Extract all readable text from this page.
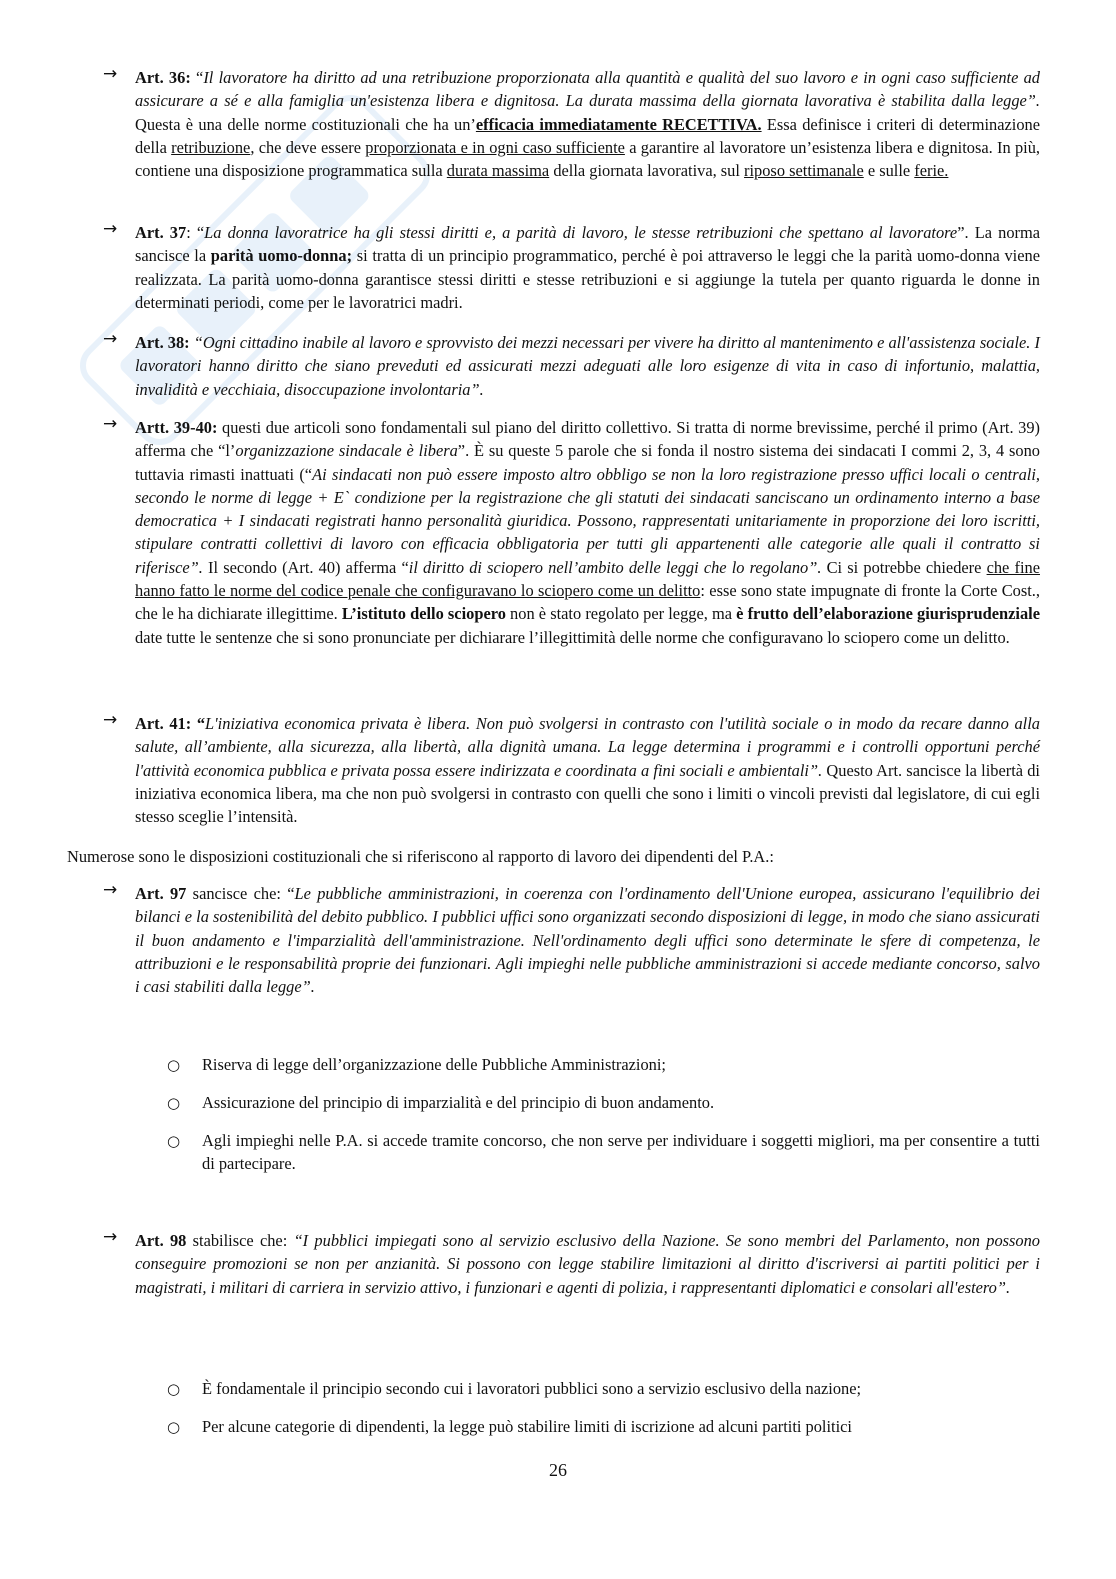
→ Art. 36: “Il lavoratore ha diritto ad una retribuzione proporzionata alla quantità e qualità del suo lavoro e in ogni caso sufficiente ad assicurare a sé e alla famiglia un'esistenza libera e dignitosa. La durata massima della giornata lavorativa è stabilita dalla legge”. Questa è una delle norme costituzionali che ha un’efficacia immediatamente RECETTIVA. Essa definisce i criteri di determinazione della retribuzione, che deve essere proporzionata e in ogni caso sufficiente a garantire al lavoratore un’esistenza libera e dignitosa. In più, contiene una disposizione programmatica sulla durata massima della giornata lavorativa, sul riposo settimanale e sulle ferie.
→ Art. 37: “La donna lavoratrice ha gli stessi diritti e, a parità di lavoro, le stesse retribuzioni che spettano al lavoratore”. La norma sancisce la parità uomo-donna; si tratta di un principio programmatico, perché è poi attraverso le leggi che la parità uomo-donna viene realizzata. La parità uomo-donna garantisce stessi diritti e stesse retribuzioni e si aggiunge la tutela per quanto riguarda le donne in determinati periodi, come per le lavoratrici madri.
→ Art. 38: “Ogni cittadino inabile al lavoro e sprovvisto dei mezzi necessari per vivere ha diritto al mantenimento e all'assistenza sociale. I lavoratori hanno diritto che siano preveduti ed assicurati mezzi adeguati alle loro esigenze di vita in caso di infortunio, malattia, invalidità e vecchiaia, disoccupazione involontaria”.
→ Artt. 39-40: questi due articoli sono fondamentali sul piano del diritto collettivo. Si tratta di norme brevissime, perché il primo (Art. 39) afferma che “l’organizzazione sindacale è libera”. È su queste 5 parole che si fonda il nostro sistema dei sindacati I commi 2, 3, 4 sono tuttavia rimasti inattuati (“Ai sindacati non può essere imposto altro obbligo se non la loro registrazione presso uffici locali o centrali, secondo le norme di legge + E` condizione per la registrazione che gli statuti dei sindacati sanciscano un ordinamento interno a base democratica + I sindacati registrati hanno personalità giuridica. Possono, rappresentati unitariamente in proporzione dei loro iscritti, stipulare contratti collettivi di lavoro con efficacia obbligatoria per tutti gli appartenenti alle categorie alle quali il contratto si riferisce”. Il secondo (Art. 40) afferma “il diritto di sciopero nell’ambito delle leggi che lo regolano”. Ci si potrebbe chiedere che fine hanno fatto le norme del codice penale che configuravano lo sciopero come un delitto: esse sono state impugnate di fronte la Corte Cost., che le ha dichiarate illegittime. L’istituto dello sciopero non è stato regolato per legge, ma è frutto dell’elaborazione giurisprudenziale date tutte le sentenze che si sono pronunciate per dichiarare l’illegittimità delle norme che configuravano lo sciopero come un delitto.
→ Art. 41: “L'iniziativa economica privata è libera. Non può svolgersi in contrasto con l'utilità sociale o in modo da recare danno alla salute, all’ambiente, alla sicurezza, alla libertà, alla dignità umana. La legge determina i programmi e i controlli opportuni perché l'attività economica pubblica e privata possa essere indirizzata e coordinata a fini sociali e ambientali”. Questo Art. sancisce la libertà di iniziativa economica libera, ma che non può svolgersi in contrasto con quelli che sono i limiti o vincoli previsti dal legislatore, di cui egli stesso sceglie l’intensità.
Numerose sono le disposizioni costituzionali che si riferiscono al rapporto di lavoro dei dipendenti del P.A.:
→ Art. 97 sancisce che: “Le pubbliche amministrazioni, in coerenza con l'ordinamento dell'Unione europea, assicurano l'equilibrio dei bilanci e la sostenibilità del debito pubblico. I pubblici uffici sono organizzati secondo disposizioni di legge, in modo che siano assicurati il buon andamento e l'imparzialità dell'amministrazione. Nell'ordinamento degli uffici sono determinate le sfere di competenza, le attribuzioni e le responsabilità proprie dei funzionari. Agli impieghi nelle pubbliche amministrazioni si accede mediante concorso, salvo i casi stabiliti dalla legge”.
○ Riserva di legge dell’organizzazione delle Pubbliche Amministrazioni;
○ Assicurazione del principio di imparzialità e del principio di buon andamento.
○ Agli impieghi nelle P.A. si accede tramite concorso, che non serve per individuare i soggetti migliori, ma per consentire a tutti di partecipare.
→ Art. 98 stabilisce che: “I pubblici impiegati sono al servizio esclusivo della Nazione. Se sono membri del Parlamento, non possono conseguire promozioni se non per anzianità. Si possono con legge stabilire limitazioni al diritto d'iscriversi ai partiti politici per i magistrati, i militari di carriera in servizio attivo, i funzionari e agenti di polizia, i rappresentanti diplomatici e consolari all'estero”.
○ È fondamentale il principio secondo cui i lavoratori pubblici sono a servizio esclusivo della nazione;
○ Per alcune categorie di dipendenti, la legge può stabilire limiti di iscrizione ad alcuni partiti politici
26
